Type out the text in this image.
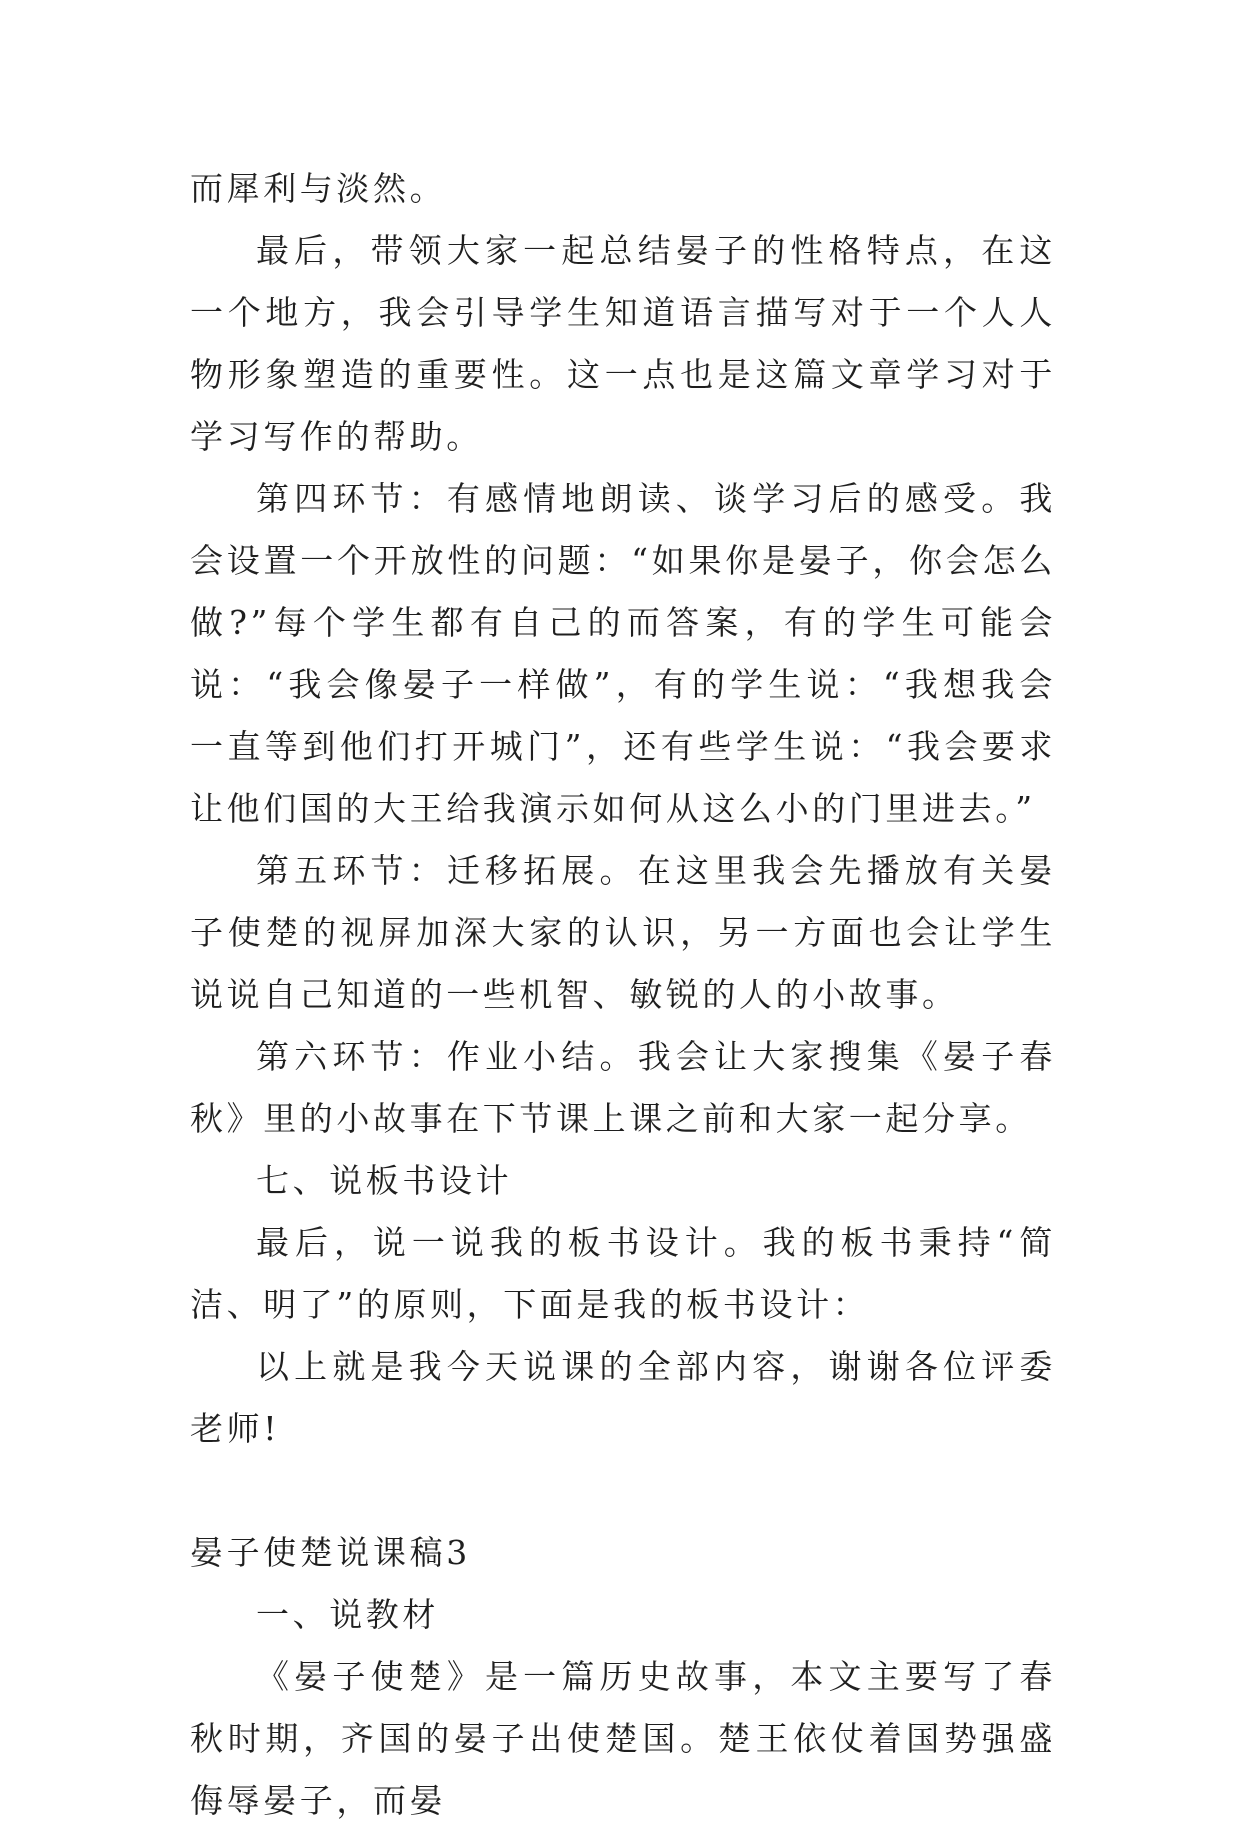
而犀利与淡然。

最后，带领大家一起总结晏子的性格特点，在这一个地方，我会引导学生知道语言描写对于一个人人物形象塑造的重要性。这一点也是这篇文章学习对于学习写作的帮助。

第四环节：有感情地朗读、谈学习后的感受。我会设置一个开放性的问题：“如果你是晏子，你会怎么做?”每个学生都有自己的而答案，有的学生可能会说：“我会像晏子一样做”，有的学生说：“我想我会一直等到他们打开城门”，还有些学生说：“我会要求让他们国的大王给我演示如何从这么小的门里进去。”

第五环节：迁移拓展。在这里我会先播放有关晏子使楚的视屏加深大家的认识，另一方面也会让学生说说自己知道的一些机智、敏锐的人的小故事。

第六环节：作业小结。我会让大家搜集《晏子春秋》里的小故事在下节课上课之前和大家一起分享。

七、说板书设计

最后，说一说我的板书设计。我的板书秉持“简洁、明了”的原则，下面是我的板书设计：

以上就是我今天说课的全部内容，谢谢各位评委老师!

晏子使楚说课稿3

一、说教材

《晏子使楚》是一篇历史故事，本文主要写了春秋时期，齐国的晏子出使楚国。楚王依仗着国势强盛侮辱晏子，而晏
